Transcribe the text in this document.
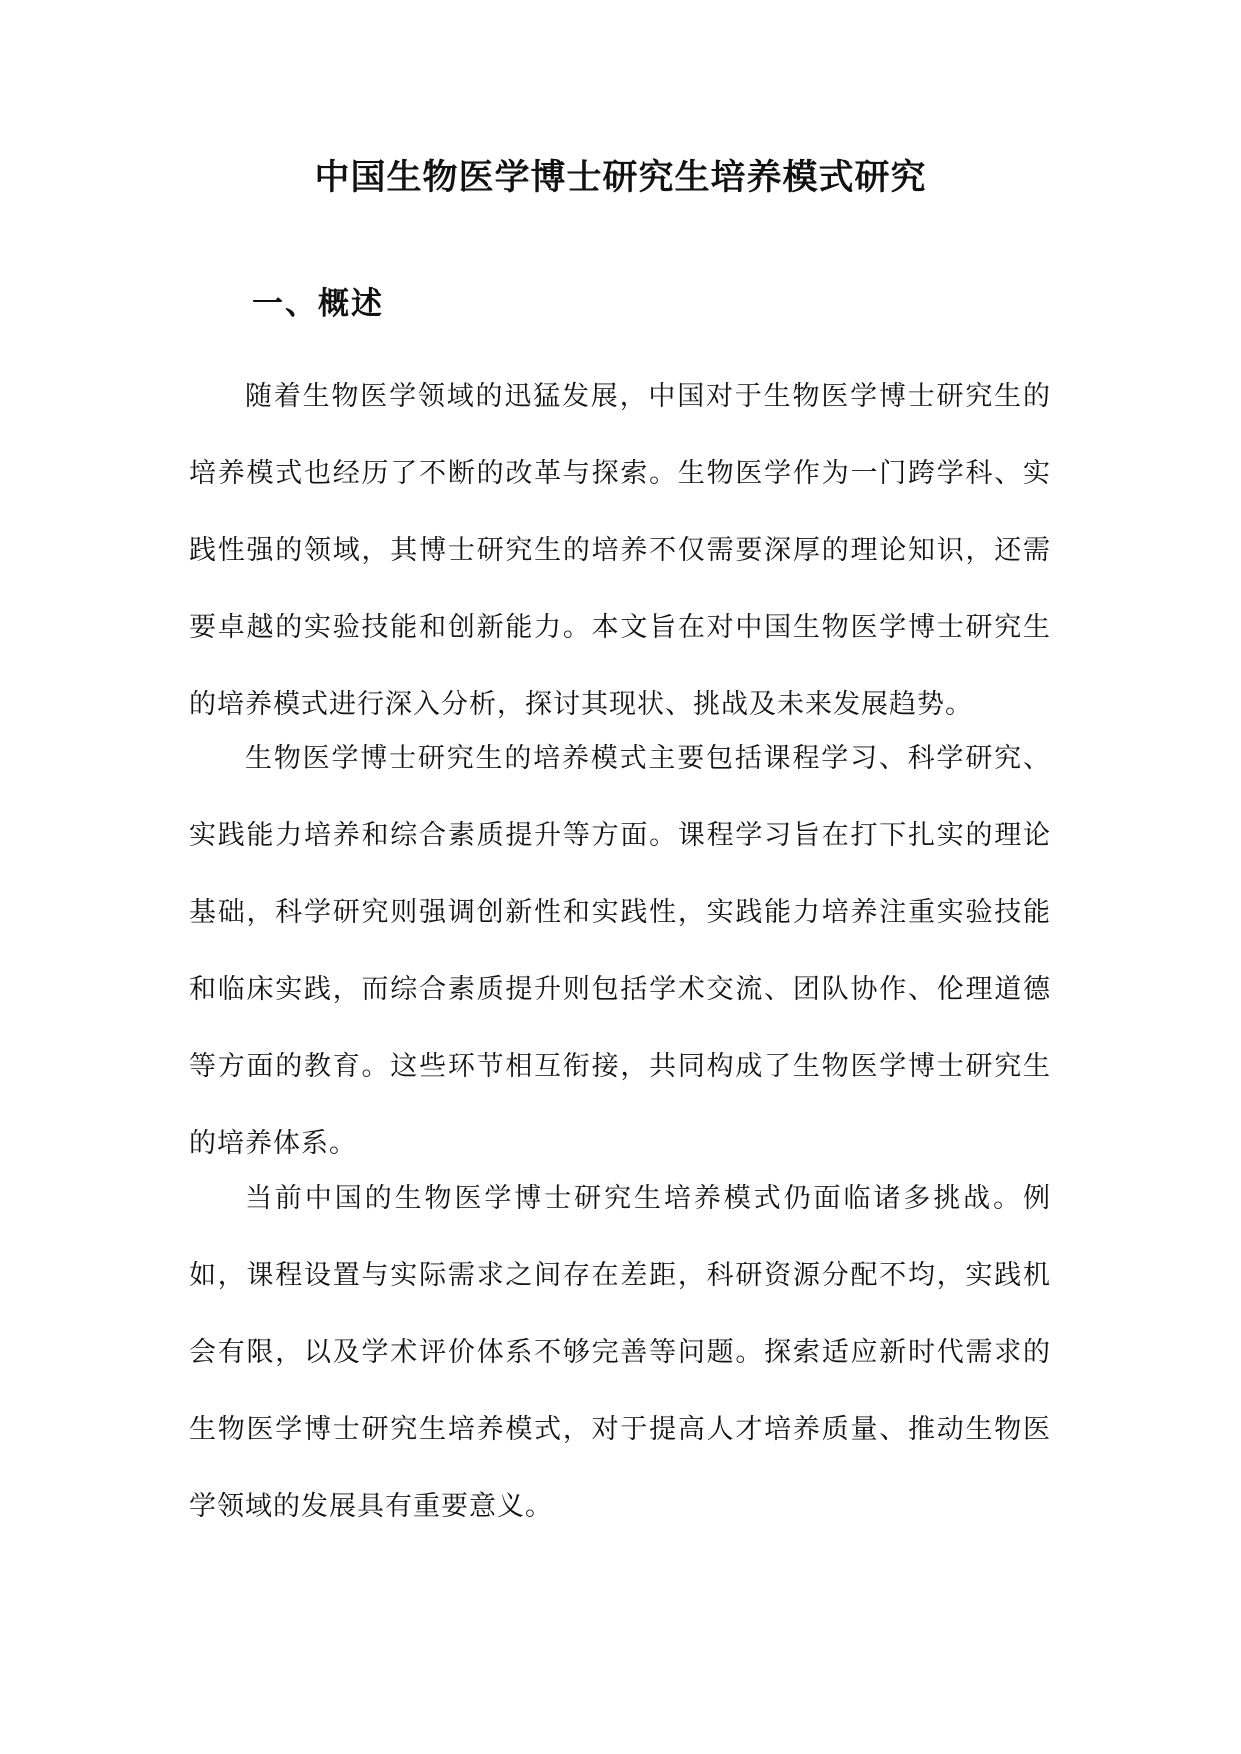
中国生物医学博士研究生培养模式研究
一、概述

随着生物医学领域的迅猛发展，中国对于生物医学博士研究生的培养模式也经历了不断的改革与探索。生物医学作为一门跨学科、实践性强的领域，其博士研究生的培养不仅需要深厚的理论知识，还需要卓越的实验技能和创新能力。本文旨在对中国生物医学博士研究生的培养模式进行深入分析，探讨其现状、挑战及未来发展趋势。

生物医学博士研究生的培养模式主要包括课程学习、科学研究、实践能力培养和综合素质提升等方面。课程学习旨在打下扎实的理论基础，科学研究则强调创新性和实践性，实践能力培养注重实验技能和临床实践，而综合素质提升则包括学术交流、团队协作、伦理道德等方面的教育。这些环节相互衔接，共同构成了生物医学博士研究生的培养体系。

当前中国的生物医学博士研究生培养模式仍面临诸多挑战。例如，课程设置与实际需求之间存在差距，科研资源分配不均，实践机会有限，以及学术评价体系不够完善等问题。探索适应新时代需求的生物医学博士研究生培养模式，对于提高人才培养质量、推动生物医学领域的发展具有重要意义。
